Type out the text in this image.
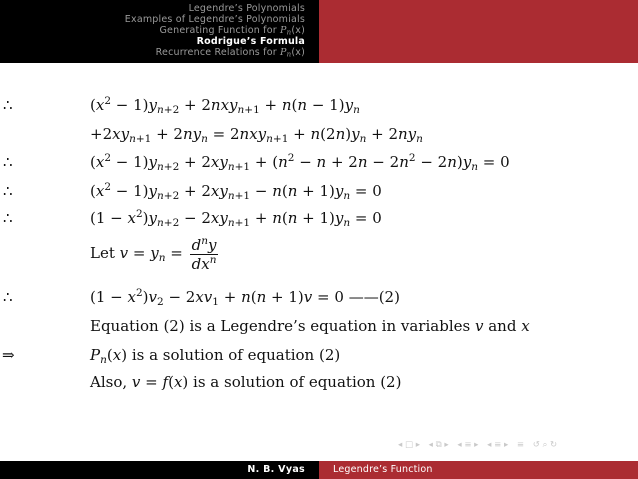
Legendre’s Polynomials
Examples of Legendre’s Polynomials
Generating Function for $P_n(x)$
Rodrigue’s Formula
Recurrence Relations for $P_n(x)$
∴	$(x^2 - 1)y_{n+2} + 2nxy_{n+1} + n(n - 1)y_n$
$+2xy_{n+1} + 2ny_n = 2nxy_{n+1} + n(2n)y_n + 2ny_n$
∴	$(x^2 - 1)y_{n+2} + 2xy_{n+1} + (n^2 - n + 2n - 2n^2 - 2n)y_n = 0$
∴	$(x^2 - 1)y_{n+2} + 2xy_{n+1} - n(n + 1)y_n = 0$
∴	$(1 - x^2)y_{n+2} - 2xy_{n+1} + n(n + 1)y_n = 0$
Let $v = y_n = \frac{d^ny}{dx^n}$
∴	$(1 - x^2)v_2 - 2xv_1 + n(n + 1)v = 0$ ——(2)
Equation (2) is a Legendre’s equation in variables v and x
⇒	$P_n(x)$ is a solution of equation (2)
Also, v = f(x) is a solution of equation (2)
◂ □ ▸ ◂ ⧉ ▸ ◂ ≡ ▸ ◂ ≡ ▸ ≡ ↺ ⌕ ↻
N. B. Vyas	Legendre’s Function
